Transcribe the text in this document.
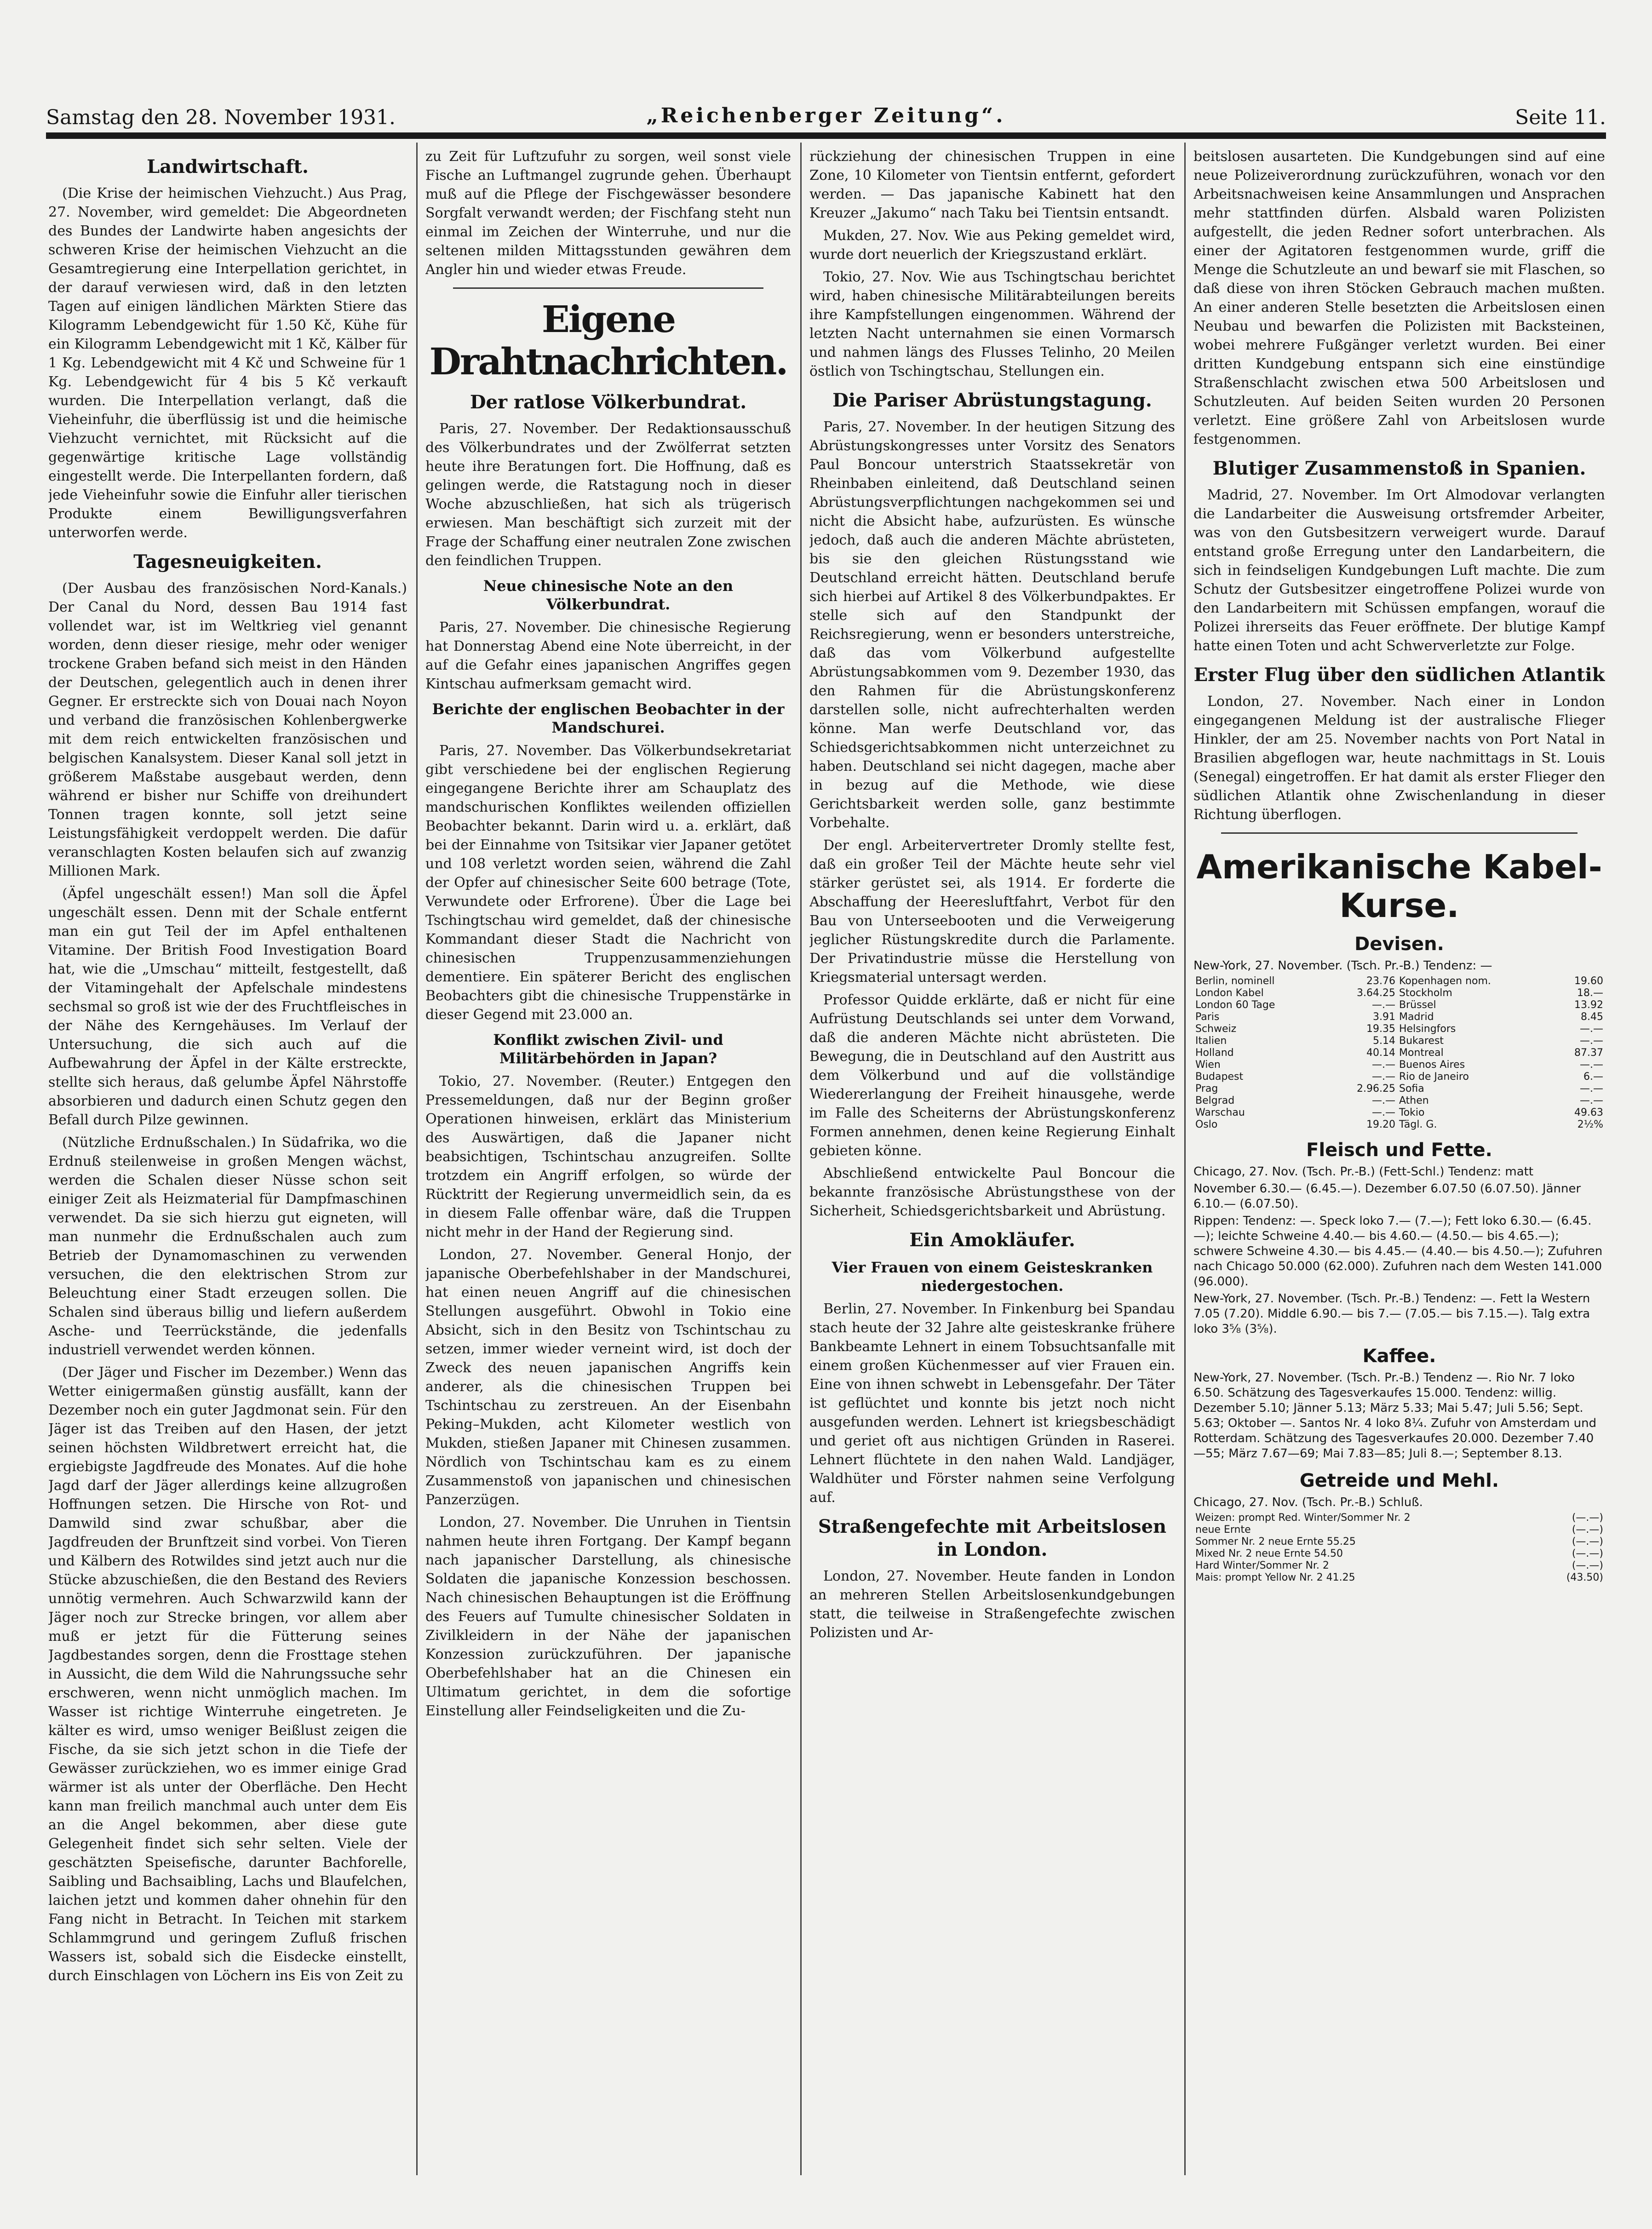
Samstag den 28. November 1931.	„Reichenberger Zeitung“.	Seite 11.
Landwirtschaft.

(Die Krise der heimischen Viehzucht.) Aus Prag, 27. November, wird gemeldet: Die Abgeordneten des Bundes der Landwirte haben angesichts der schweren Krise der heimischen Viehzucht an die Gesamtregierung eine Interpellation gerichtet, in der darauf verwiesen wird, daß in den letzten Tagen auf einigen ländlichen Märkten Stiere das Kilogramm Lebendgewicht für 1.50 Kč, Kühe für ein Kilogramm Lebendgewicht mit 1 Kč, Kälber für 1 Kg. Lebendgewicht mit 4 Kč und Schweine für 1 Kg. Lebendgewicht für 4 bis 5 Kč verkauft wurden. Die Interpellation verlangt, daß die Vieheinfuhr, die überflüssig ist und die heimische Viehzucht vernichtet, mit Rücksicht auf die gegenwärtige kritische Lage vollständig eingestellt werde. Die Interpellanten fordern, daß jede Vieheinfuhr sowie die Einfuhr aller tierischen Produkte einem Bewilligungsverfahren unterworfen werde.

Tagesneuigkeiten.

(Der Ausbau des französischen Nord-Kanals.) Der Canal du Nord, dessen Bau 1914 fast vollendet war, ist im Weltkrieg viel genannt worden, denn dieser riesige, mehr oder weniger trockene Graben befand sich meist in den Händen der Deutschen, gelegentlich auch in denen ihrer Gegner. Er erstreckte sich von Douai nach Noyon und verband die französischen Kohlenbergwerke mit dem reich entwickelten französischen und belgischen Kanalsystem. Dieser Kanal soll jetzt in größerem Maßstabe ausgebaut werden, denn während er bisher nur Schiffe von dreihundert Tonnen tragen konnte, soll jetzt seine Leistungsfähigkeit verdoppelt werden. Die dafür veranschlagten Kosten belaufen sich auf zwanzig Millionen Mark.

(Äpfel ungeschält essen!) Man soll die Äpfel ungeschält essen. Denn mit der Schale entfernt man ein gut Teil der im Apfel enthaltenen Vitamine. Der British Food Investigation Board hat, wie die „Umschau“ mitteilt, festgestellt, daß der Vitamingehalt der Apfelschale mindestens sechsmal so groß ist wie der des Fruchtfleisches in der Nähe des Kerngehäuses. Im Verlauf der Untersuchung, die sich auch auf die Aufbewahrung der Äpfel in der Kälte erstreckte, stellte sich heraus, daß gelumbe Äpfel Nährstoffe absorbieren und dadurch einen Schutz gegen den Befall durch Pilze gewinnen.

(Nützliche Erdnußschalen.) In Südafrika, wo die Erdnuß steilenweise in großen Mengen wächst, werden die Schalen dieser Nüsse schon seit einiger Zeit als Heizmaterial für Dampfmaschinen verwendet. Da sie sich hierzu gut eigneten, will man nunmehr die Erdnußschalen auch zum Betrieb der Dynamomaschinen zu verwenden versuchen, die den elektrischen Strom zur Beleuchtung einer Stadt erzeugen sollen. Die Schalen sind überaus billig und liefern außerdem Asche- und Teerrückstände, die jedenfalls industriell verwendet werden können.

(Der Jäger und Fischer im Dezember.) Wenn das Wetter einigermaßen günstig ausfällt, kann der Dezember noch ein guter Jagdmonat sein. Für den Jäger ist das Treiben auf den Hasen, der jetzt seinen höchsten Wildbretwert erreicht hat, die ergiebigste Jagdfreude des Monates. Auf die hohe Jagd darf der Jäger allerdings keine allzugroßen Hoffnungen setzen. Die Hirsche von Rot- und Damwild sind zwar schußbar, aber die Jagdfreuden der Brunftzeit sind vorbei. Von Tieren und Kälbern des Rotwildes sind jetzt auch nur die Stücke abzuschießen, die den Bestand des Reviers unnötig vermehren. Auch Schwarzwild kann der Jäger noch zur Strecke bringen, vor allem aber muß er jetzt für die Fütterung seines Jagdbestandes sorgen, denn die Frosttage stehen in Aussicht, die dem Wild die Nahrungssuche sehr erschweren, wenn nicht unmöglich machen. Im Wasser ist richtige Winterruhe eingetreten. Je kälter es wird, umso weniger Beißlust zeigen die Fische, da sie sich jetzt schon in die Tiefe der Gewässer zurückziehen, wo es immer einige Grad wärmer ist als unter der Oberfläche. Den Hecht kann man freilich manchmal auch unter dem Eis an die Angel bekommen, aber diese gute Gelegenheit findet sich sehr selten. Viele der geschätzten Speisefische, darunter Bachforelle, Saibling und Bachsaibling, Lachs und Blaufelchen, laichen jetzt und kommen daher ohnehin für den Fang nicht in Betracht. In Teichen mit starkem Schlammgrund und geringem Zufluß frischen Wassers ist, sobald sich die Eisdecke einstellt, durch Einschlagen von Löchern ins Eis von Zeit zu

zu Zeit für Luftzufuhr zu sorgen, weil sonst viele Fische an Luftmangel zugrunde gehen. Überhaupt muß auf die Pflege der Fischgewässer besondere Sorgfalt verwandt werden; der Fischfang steht nun einmal im Zeichen der Winterruhe, und nur die seltenen milden Mittagsstunden gewähren dem Angler hin und wieder etwas Freude.

Eigene Drahtnachrichten.
Der ratlose Völkerbundrat.

Paris, 27. November. Der Redaktionsausschuß des Völkerbundrates und der Zwölferrat setzten heute ihre Beratungen fort. Die Hoffnung, daß es gelingen werde, die Ratstagung noch in dieser Woche abzuschließen, hat sich als trügerisch erwiesen. Man beschäftigt sich zurzeit mit der Frage der Schaffung einer neutralen Zone zwischen den feindlichen Truppen.

Neue chinesische Note an den Völkerbundrat.

Paris, 27. November. Die chinesische Regierung hat Donnerstag Abend eine Note überreicht, in der auf die Gefahr eines japanischen Angriffes gegen Kintschau aufmerksam gemacht wird.

Berichte der englischen Beobachter in der Mandschurei.

Paris, 27. November. Das Völkerbundsekretariat gibt verschiedene bei der englischen Regierung eingegangene Berichte ihrer am Schauplatz des mandschurischen Konfliktes weilenden offiziellen Beobachter bekannt. Darin wird u. a. erklärt, daß bei der Einnahme von Tsitsikar vier Japaner getötet und 108 verletzt worden seien, während die Zahl der Opfer auf chinesischer Seite 600 betrage (Tote, Verwundete oder Erfrorene). Über die Lage bei Tschingtschau wird gemeldet, daß der chinesische Kommandant dieser Stadt die Nachricht von chinesischen Truppenzusammenziehungen dementiere. Ein späterer Bericht des englischen Beobachters gibt die chinesische Truppenstärke in dieser Gegend mit 23.000 an.

Konflikt zwischen Zivil- und Militärbehörden in Japan?

Tokio, 27. November. (Reuter.) Entgegen den Pressemeldungen, daß nur der Beginn großer Operationen hinweisen, erklärt das Ministerium des Auswärtigen, daß die Japaner nicht beabsichtigen, Tschintschau anzugreifen. Sollte trotzdem ein Angriff erfolgen, so würde der Rücktritt der Regierung unvermeidlich sein, da es in diesem Falle offenbar wäre, daß die Truppen nicht mehr in der Hand der Regierung sind.

London, 27. November. General Honjo, der japanische Oberbefehlshaber in der Mandschurei, hat einen neuen Angriff auf die chinesischen Stellungen ausgeführt. Obwohl in Tokio eine Absicht, sich in den Besitz von Tschintschau zu setzen, immer wieder verneint wird, ist doch der Zweck des neuen japanischen Angriffs kein anderer, als die chinesischen Truppen bei Tschintschau zu zerstreuen. An der Eisenbahn Peking–Mukden, acht Kilometer westlich von Mukden, stießen Japaner mit Chinesen zusammen. Nördlich von Tschintschau kam es zu einem Zusammenstoß von japanischen und chinesischen Panzerzügen.

London, 27. November. Die Unruhen in Tientsin nahmen heute ihren Fortgang. Der Kampf begann nach japanischer Darstellung, als chinesische Soldaten die japanische Konzession beschossen. Nach chinesischen Behauptungen ist die Eröffnung des Feuers auf Tumulte chinesischer Soldaten in Zivilkleidern in der Nähe der japanischen Konzession zurückzuführen. Der japanische Oberbefehlshaber hat an die Chinesen ein Ultimatum gerichtet, in dem die sofortige Einstellung aller Feindseligkeiten und die Zu-

rückziehung der chinesischen Truppen in eine Zone, 10 Kilometer von Tientsin entfernt, gefordert werden. — Das japanische Kabinett hat den Kreuzer „Jakumo“ nach Taku bei Tientsin entsandt.

Mukden, 27. Nov. Wie aus Peking gemeldet wird, wurde dort neuerlich der Kriegszustand erklärt.

Tokio, 27. Nov. Wie aus Tschingtschau berichtet wird, haben chinesische Militärabteilungen bereits ihre Kampfstellungen eingenommen. Während der letzten Nacht unternahmen sie einen Vormarsch und nahmen längs des Flusses Telinho, 20 Meilen östlich von Tschingtschau, Stellungen ein.

Die Pariser Abrüstungstagung.

Paris, 27. November. In der heutigen Sitzung des Abrüstungskongresses unter Vorsitz des Senators Paul Boncour unterstrich Staatssekretär von Rheinbaben einleitend, daß Deutschland seinen Abrüstungsverpflichtungen nachgekommen sei und nicht die Absicht habe, aufzurüsten. Es wünsche jedoch, daß auch die anderen Mächte abrüsteten, bis sie den gleichen Rüstungsstand wie Deutschland erreicht hätten. Deutschland berufe sich hierbei auf Artikel 8 des Völkerbundpaktes. Er stelle sich auf den Standpunkt der Reichsregierung, wenn er besonders unterstreiche, daß das vom Völkerbund aufgestellte Abrüstungsabkommen vom 9. Dezember 1930, das den Rahmen für die Abrüstungskonferenz darstellen solle, nicht aufrechterhalten werden könne. Man werfe Deutschland vor, das Schiedsgerichtsabkommen nicht unterzeichnet zu haben. Deutschland sei nicht dagegen, mache aber in bezug auf die Methode, wie diese Gerichtsbarkeit werden solle, ganz bestimmte Vorbehalte.

Der engl. Arbeitervertreter Dromly stellte fest, daß ein großer Teil der Mächte heute sehr viel stärker gerüstet sei, als 1914. Er forderte die Abschaffung der Heeresluftfahrt, Verbot für den Bau von Unterseebooten und die Verweigerung jeglicher Rüstungskredite durch die Parlamente. Der Privatindustrie müsse die Herstellung von Kriegsmaterial untersagt werden.

Professor Quidde erklärte, daß er nicht für eine Aufrüstung Deutschlands sei unter dem Vorwand, daß die anderen Mächte nicht abrüsteten. Die Bewegung, die in Deutschland auf den Austritt aus dem Völkerbund und auf die vollständige Wiedererlangung der Freiheit hinausgehe, werde im Falle des Scheiterns der Abrüstungskonferenz Formen annehmen, denen keine Regierung Einhalt gebieten könne.

Abschließend entwickelte Paul Boncour die bekannte französische Abrüstungsthese von der Sicherheit, Schiedsgerichtsbarkeit und Abrüstung.

Ein Amokläufer.
Vier Frauen von einem Geisteskranken niedergestochen.

Berlin, 27. November. In Finkenburg bei Spandau stach heute der 32 Jahre alte geisteskranke frühere Bankbeamte Lehnert in einem Tobsuchtsanfalle mit einem großen Küchenmesser auf vier Frauen ein. Eine von ihnen schwebt in Lebensgefahr. Der Täter ist geflüchtet und konnte bis jetzt noch nicht ausgefunden werden. Lehnert ist kriegsbeschädigt und geriet oft aus nichtigen Gründen in Raserei. Lehnert flüchtete in den nahen Wald. Landjäger, Waldhüter und Förster nahmen seine Verfolgung auf.

Straßengefechte mit Arbeitslosen in London.

London, 27. November. Heute fanden in London an mehreren Stellen Arbeitslosenkundgebungen statt, die teilweise in Straßengefechte zwischen Polizisten und Ar-

beitslosen ausarteten. Die Kundgebungen sind auf eine neue Polizeiverordnung zurückzuführen, wonach vor den Arbeitsnachweisen keine Ansammlungen und Ansprachen mehr stattfinden dürfen. Alsbald waren Polizisten aufgestellt, die jeden Redner sofort unterbrachen. Als einer der Agitatoren festgenommen wurde, griff die Menge die Schutzleute an und bewarf sie mit Flaschen, so daß diese von ihren Stöcken Gebrauch machen mußten. An einer anderen Stelle besetzten die Arbeitslosen einen Neubau und bewarfen die Polizisten mit Backsteinen, wobei mehrere Fußgänger verletzt wurden. Bei einer dritten Kundgebung entspann sich eine einstündige Straßenschlacht zwischen etwa 500 Arbeitslosen und Schutzleuten. Auf beiden Seiten wurden 20 Personen verletzt. Eine größere Zahl von Arbeitslosen wurde festgenommen.

Blutiger Zusammenstoß in Spanien.

Madrid, 27. November. Im Ort Almodovar verlangten die Landarbeiter die Ausweisung ortsfremder Arbeiter, was von den Gutsbesitzern verweigert wurde. Darauf entstand große Erregung unter den Landarbeitern, die sich in feindseligen Kundgebungen Luft machte. Die zum Schutz der Gutsbesitzer eingetroffene Polizei wurde von den Landarbeitern mit Schüssen empfangen, worauf die Polizei ihrerseits das Feuer eröffnete. Der blutige Kampf hatte einen Toten und acht Schwerverletzte zur Folge.

Erster Flug über den südlichen Atlantik

London, 27. November. Nach einer in London eingegangenen Meldung ist der australische Flieger Hinkler, der am 25. November nachts von Port Natal in Brasilien abgeflogen war, heute nachmittags in St. Louis (Senegal) eingetroffen. Er hat damit als erster Flieger den südlichen Atlantik ohne Zwischenlandung in dieser Richtung überflogen.

Amerikanische Kabel-Kurse.
Devisen.

New-York, 27. November. (Tsch. Pr.-B.) Tendenz: —

Berlin, nominell	23.76	Kopenhagen nom.	19.60
London Kabel	3.64.25	Stockholm	18.—
London 60 Tage	—.—	Brüssel	13.92
Paris	3.91	Madrid	8.45
Schweiz	19.35	Helsingfors	—.—
Italien	5.14	Bukarest	—.—
Holland	40.14	Montreal	87.37
Wien	—.—	Buenos Aires	—.—
Budapest	—.—	Rio de Janeiro	6.—
Prag	2.96.25	Sofia	—.—
Belgrad	—.—	Athen	—.—
Warschau	—.—	Tokio	49.63
Oslo	19.20	Tägl. G.	2½%
Fleisch und Fette.

Chicago, 27. Nov. (Tsch. Pr.-B.) (Fett-Schl.) Tendenz: matt

November 6.30.— (6.45.—). Dezember 6.07.50 (6.07.50). Jänner 6.10.— (6.07.50).

Rippen: Tendenz: —. Speck loko 7.— (7.—); Fett loko 6.30.— (6.45.—); leichte Schweine 4.40.— bis 4.60.— (4.50.— bis 4.65.—); schwere Schweine 4.30.— bis 4.45.— (4.40.— bis 4.50.—); Zufuhren nach Chicago 50.000 (62.000). Zufuhren nach dem Westen 141.000 (96.000).

New-York, 27. November. (Tsch. Pr.-B.) Tendenz: —. Fett la Western 7.05 (7.20). Middle 6.90.— bis 7.— (7.05.— bis 7.15.—). Talg extra loko 3⅝ (3⅝).

Kaffee.

New-York, 27. November. (Tsch. Pr.-B.) Tendenz —. Rio Nr. 7 loko 6.50. Schätzung des Tagesverkaufes 15.000. Tendenz: willig. Dezember 5.10; Jänner 5.13; März 5.33; Mai 5.47; Juli 5.56; Sept. 5.63; Oktober —. Santos Nr. 4 loko 8¼. Zufuhr von Amsterdam und Rotterdam. Schätzung des Tagesverkaufes 20.000. Dezember 7.40—55; März 7.67—69; Mai 7.83—85; Juli 8.—; September 8.13.

Getreide und Mehl.

Chicago, 27. Nov. (Tsch. Pr.-B.) Schluß.

Weizen: prompt Red. Winter/Sommer Nr. 2	(—.—)
neue Ernte	(—.—)
Sommer Nr. 2 neue Ernte 55.25	(—.—)
Mixed Nr. 2 neue Ernte 54.50	(—.—)
Hard Winter/Sommer Nr. 2	(—.—)
Mais: prompt Yellow Nr. 2 41.25	(43.50)
